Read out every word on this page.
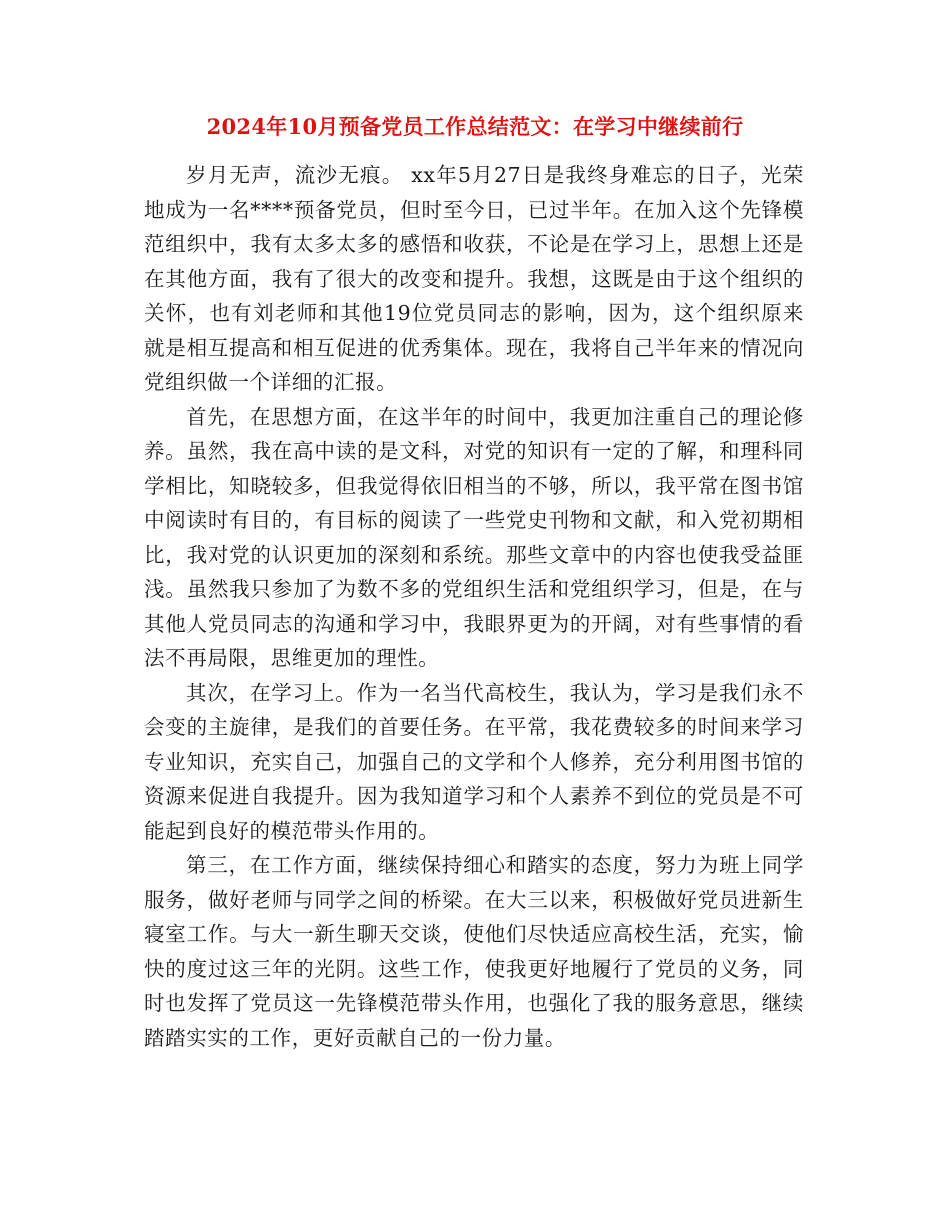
2024年10月预备党员工作总结范文：在学习中继续前行

岁月无声，流沙无痕。 xx年5月27日是我终身难忘的日子，光荣地成为一名****预备党员，但时至今日，已过半年。在加入这个先锋模范组织中，我有太多太多的感悟和收获，不论是在学习上，思想上还是在其他方面，我有了很大的改变和提升。我想，这既是由于这个组织的关怀，也有刘老师和其他19位党员同志的影响，因为，这个组织原来就是相互提高和相互促进的优秀集体。现在，我将自己半年来的情况向党组织做一个详细的汇报。

首先，在思想方面，在这半年的时间中，我更加注重自己的理论修养。虽然，我在高中读的是文科，对党的知识有一定的了解，和理科同学相比，知晓较多，但我觉得依旧相当的不够，所以，我平常在图书馆中阅读时有目的，有目标的阅读了一些党史刊物和文献，和入党初期相比，我对党的认识更加的深刻和系统。那些文章中的内容也使我受益匪浅。虽然我只参加了为数不多的党组织生活和党组织学习，但是，在与其他人党员同志的沟通和学习中，我眼界更为的开阔，对有些事情的看法不再局限，思维更加的理性。

其次，在学习上。作为一名当代高校生，我认为，学习是我们永不会变的主旋律，是我们的首要任务。在平常，我花费较多的时间来学习专业知识，充实自己，加强自己的文学和个人修养，充分利用图书馆的资源来促进自我提升。因为我知道学习和个人素养不到位的党员是不可能起到良好的模范带头作用的。

第三，在工作方面，继续保持细心和踏实的态度，努力为班上同学服务，做好老师与同学之间的桥梁。在大三以来，积极做好党员进新生寝室工作。与大一新生聊天交谈，使他们尽快适应高校生活，充实，愉快的度过这三年的光阴。这些工作，使我更好地履行了党员的义务，同时也发挥了党员这一先锋模范带头作用，也强化了我的服务意思，继续踏踏实实的工作，更好贡献自己的一份力量。
